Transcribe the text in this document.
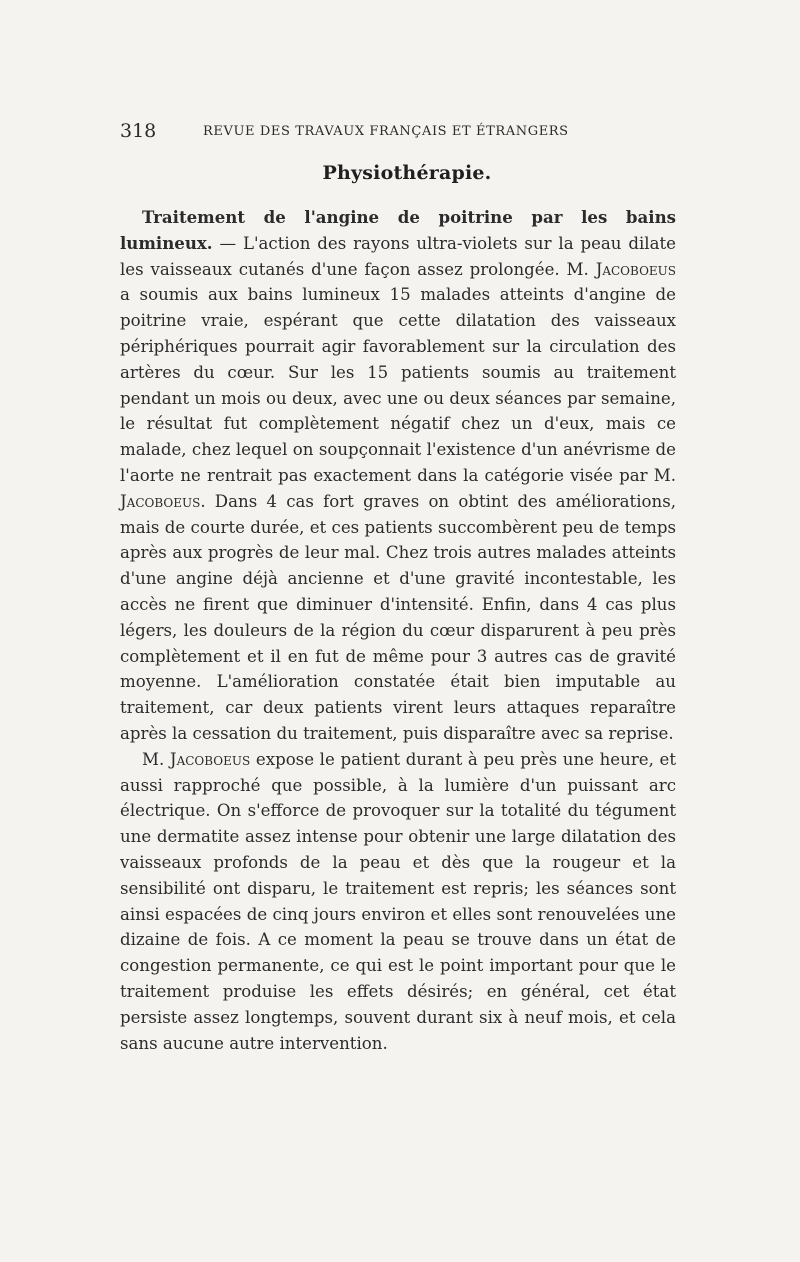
318	REVUE DES TRAVAUX FRANÇAIS ET ÉTRANGERS
Physiothérapie.

Traitement de l'angine de poitrine par les bains lumineux. — L'action des rayons ultra-violets sur la peau dilate les vaisseaux cutanés d'une façon assez prolongée. M. Jacoboeus a soumis aux bains lumineux 15 malades atteints d'angine de poitrine vraie, espérant que cette dilatation des vaisseaux périphériques pourrait agir favorablement sur la circulation des artères du cœur. Sur les 15 patients soumis au traitement pendant un mois ou deux, avec une ou deux séances par semaine, le résultat fut complètement négatif chez un d'eux, mais ce malade, chez lequel on soupçonnait l'existence d'un anévrisme de l'aorte ne rentrait pas exactement dans la catégorie visée par M. Jacoboeus. Dans 4 cas fort graves on obtint des améliorations, mais de courte durée, et ces patients succombèrent peu de temps après aux progrès de leur mal. Chez trois autres malades atteints d'une angine déjà ancienne et d'une gravité incontestable, les accès ne firent que diminuer d'intensité. Enfin, dans 4 cas plus légers, les douleurs de la région du cœur disparurent à peu près complètement et il en fut de même pour 3 autres cas de gravité moyenne. L'amélioration constatée était bien imputable au traitement, car deux patients virent leurs attaques reparaître après la cessation du traitement, puis disparaître avec sa reprise.

M. Jacoboeus expose le patient durant à peu près une heure, et aussi rapproché que possible, à la lumière d'un puissant arc électrique. On s'efforce de provoquer sur la totalité du tégument une dermatite assez intense pour obtenir une large dilatation des vaisseaux profonds de la peau et dès que la rougeur et la sensibilité ont disparu, le traitement est repris; les séances sont ainsi espacées de cinq jours environ et elles sont renouvelées une dizaine de fois. A ce moment la peau se trouve dans un état de congestion permanente, ce qui est le point important pour que le traitement produise les effets désirés; en général, cet état persiste assez longtemps, souvent durant six à neuf mois, et cela sans aucune autre intervention.
